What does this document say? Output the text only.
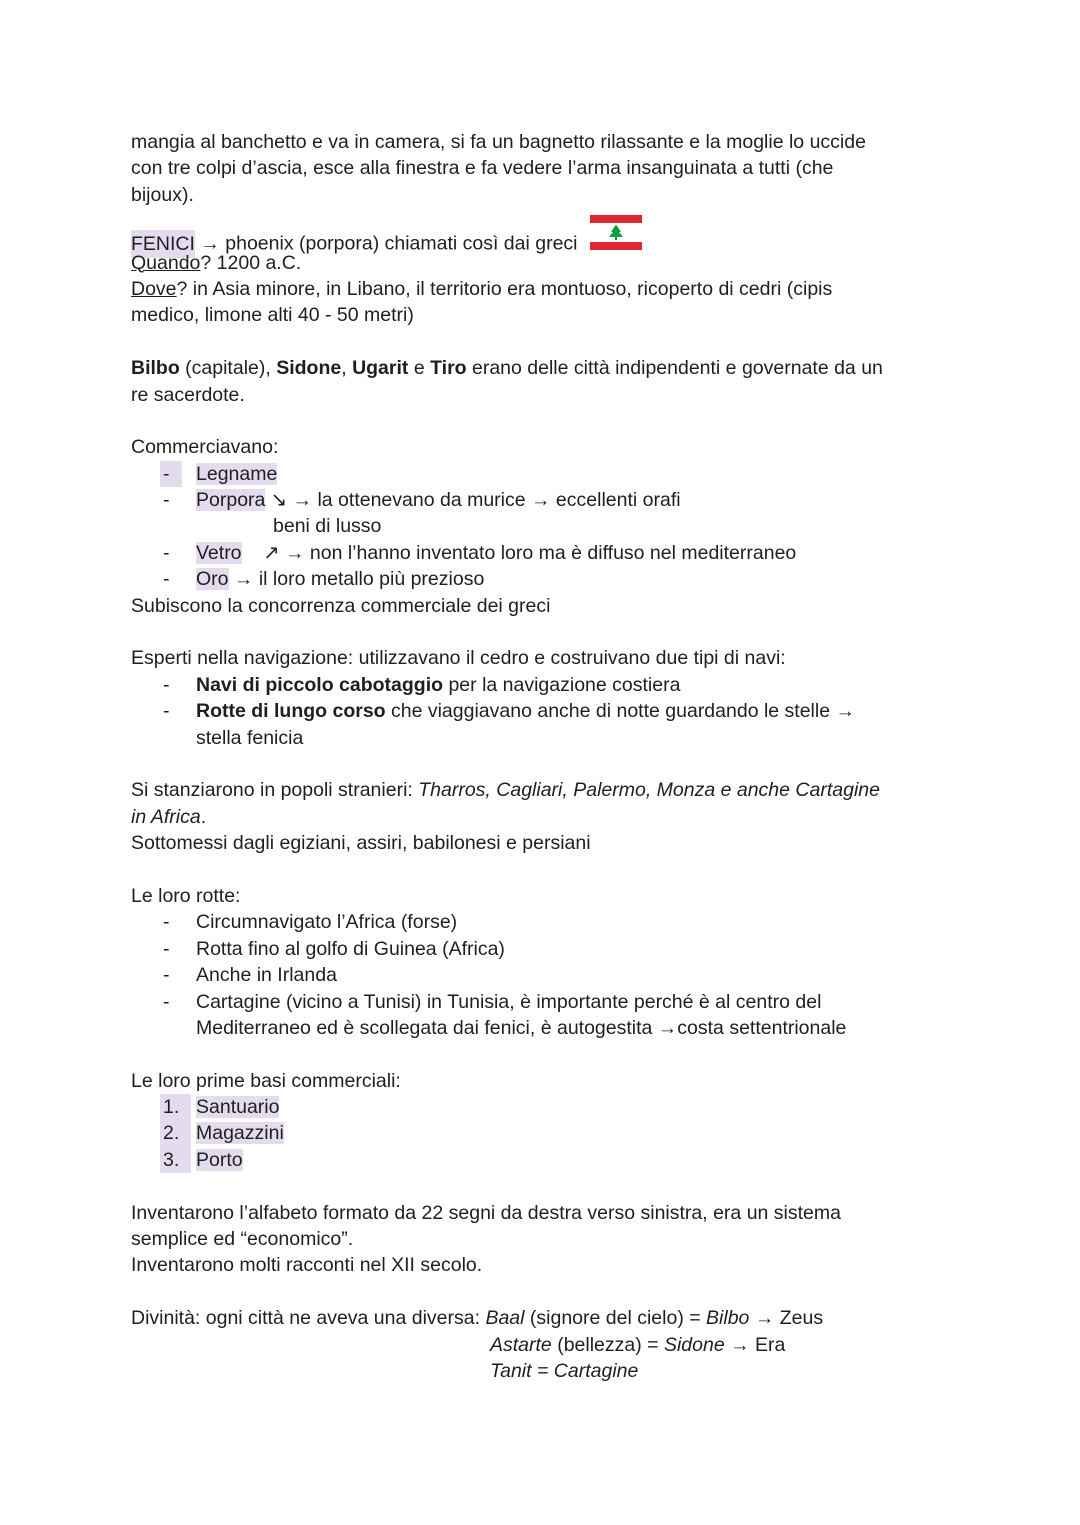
mangia al banchetto e va in camera, si fa un bagnetto rilassante e la moglie lo uccide
con tre colpi d’ascia, esce alla finestra e fa vedere l’arma insanguinata a tutti (che
bijoux).
FENICI → phoenix (porpora) chiamati così dai greci
Quando? 1200 a.C.
Dove? in Asia minore, in Libano, il territorio era montuoso, ricoperto di cedri (cipis
medico, limone alti 40 - 50 metri)
Bilbo (capitale), Sidone, Ugarit e Tiro erano delle città indipendenti e governate da un
re sacerdote.
Commerciavano:
-	Legname
- Porpora ↘ → la ottenevano da murice → eccellenti orafi
beni di lusso
- Vetro    ↗ → non l’hanno inventato loro ma è diffuso nel mediterraneo
- Oro → il loro metallo più prezioso
Subiscono la concorrenza commerciale dei greci
Esperti nella navigazione: utilizzavano il cedro e costruivano due tipi di navi:
- Navi di piccolo cabotaggio per la navigazione costiera
- Rotte di lungo corso che viaggiavano anche di notte guardando le stelle →
stella fenicia
Si stanziarono in popoli stranieri: Tharros, Cagliari, Palermo, Monza e anche Cartagine
in Africa.
Sottomessi dagli egiziani, assiri, babilonesi e persiani
Le loro rotte:
- Circumnavigato l’Africa (forse)
- Rotta fino al golfo di Guinea (Africa)
- Anche in Irlanda
- Cartagine (vicino a Tunisi) in Tunisia, è importante perché è al centro del
Mediterraneo ed è scollegata dai fenici, è autogestita →costa settentrionale
Le loro prime basi commerciali:
1. Santuario
2. Magazzini
3. Porto
Inventarono l’alfabeto formato da 22 segni da destra verso sinistra, era un sistema
semplice ed “economico”.
Inventarono molti racconti nel XII secolo.
Divinità: ogni città ne aveva una diversa: Baal (signore del cielo) = Bilbo → Zeus
Astarte (bellezza) = Sidone → Era
Tanit = Cartagine
